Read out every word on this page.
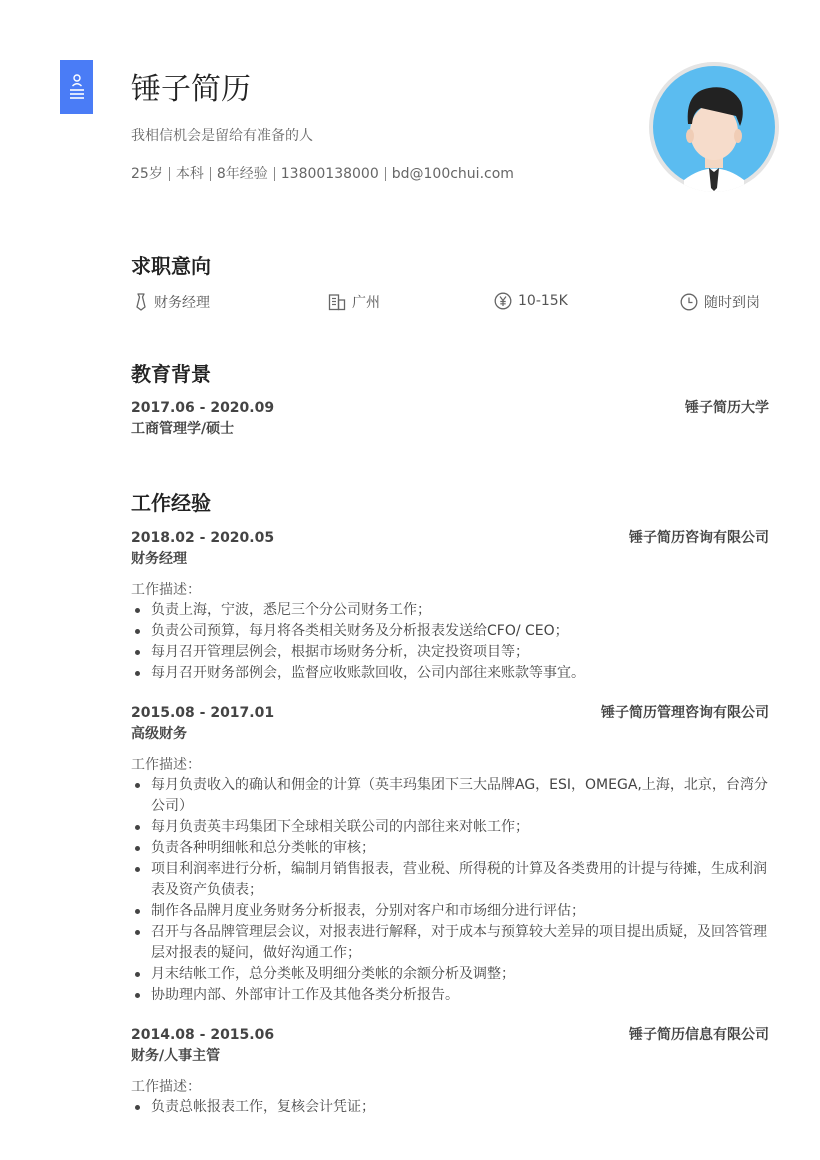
锤子简历
我相信机会是留给有准备的人
25岁 本科 8年经验 13800138000 bd@100chui.com
求职意向
财务经理	广州	10-15K	随时到岗
教育背景
2017.06 - 2020.09	锤子简历大学
工商管理学/硕士
工作经验
2018.02 - 2020.05	锤子简历咨询有限公司
财务经理
工作描述：
负责上海，宁波，悉尼三个分公司财务工作；
负责公司预算，每月将各类相关财务及分析报表发送给CFO/ CEO；
每月召开管理层例会，根据市场财务分析，决定投资项目等；
每月召开财务部例会，监督应收账款回收，公司内部往来账款等事宜。
2015.08 - 2017.01	锤子简历管理咨询有限公司
高级财务
工作描述：
每月负责收入的确认和佣金的计算（英丰玛集团下三大品牌AG，ESI，OMEGA,上海，北京，台湾分公司）
每月负责英丰玛集团下全球相关联公司的内部往来对帐工作；
负责各种明细帐和总分类帐的审核；
项目利润率进行分析，编制月销售报表，营业税、所得税的计算及各类费用的计提与待摊，生成利润表及资产负债表；
制作各品牌月度业务财务分析报表，分别对客户和市场细分进行评估；
召开与各品牌管理层会议，对报表进行解释，对于成本与预算较大差异的项目提出质疑，及回答管理层对报表的疑问，做好沟通工作；
月末结帐工作，总分类帐及明细分类帐的余额分析及调整；
协助理内部、外部审计工作及其他各类分析报告。
2014.08 - 2015.06	锤子简历信息有限公司
财务/人事主管
工作描述：
负责总帐报表工作，复核会计凭证；
